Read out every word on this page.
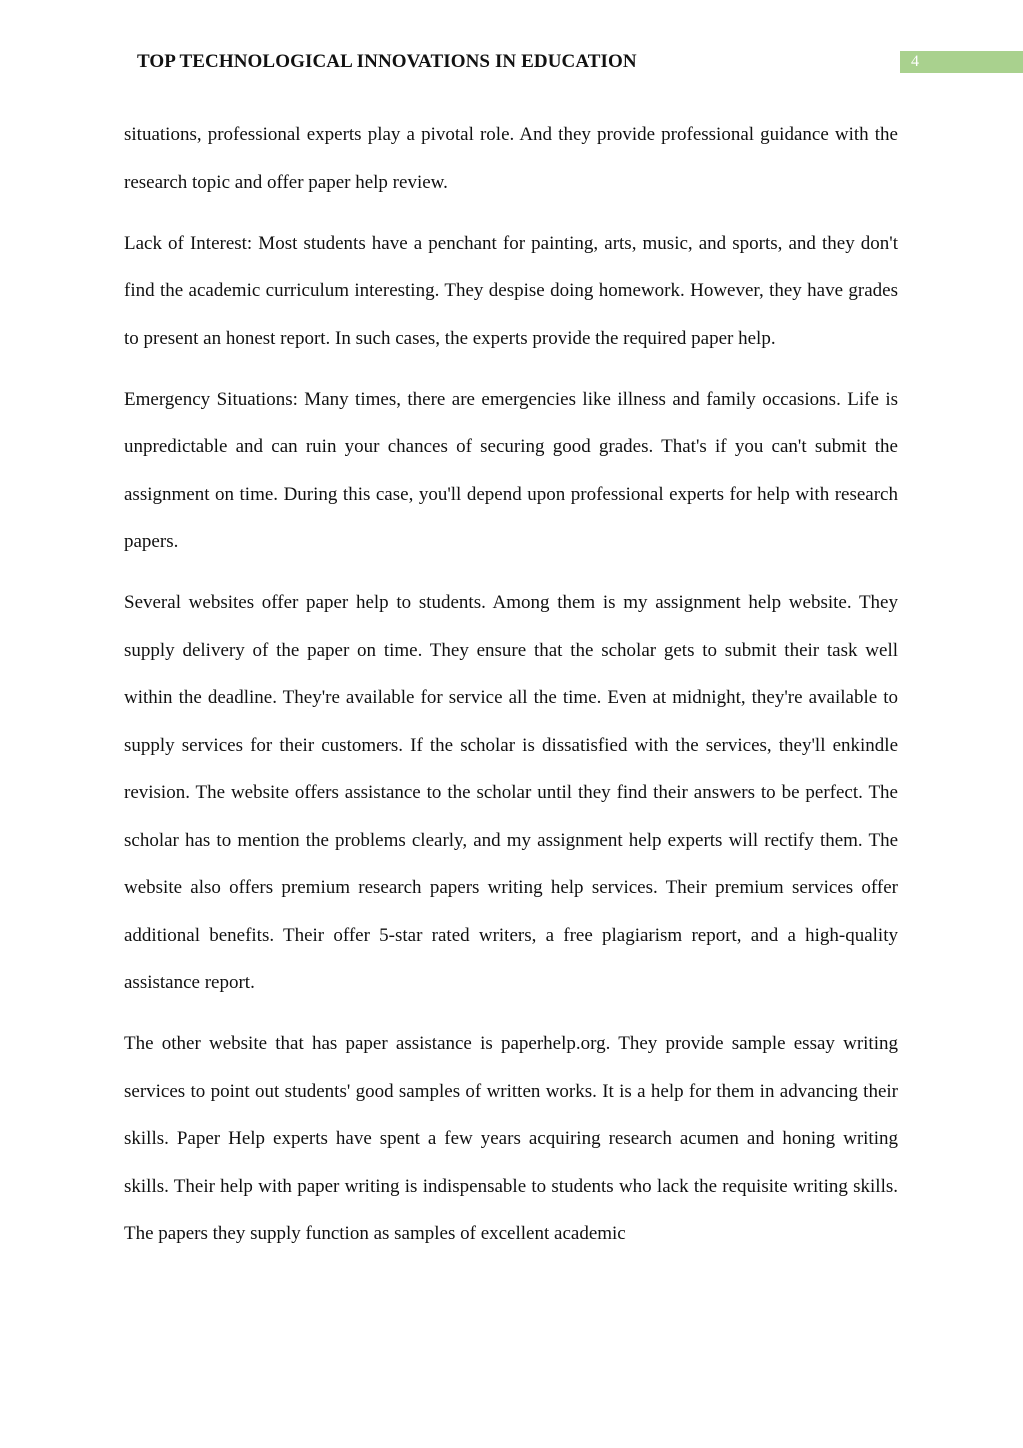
TOP TECHNOLOGICAL INNOVATIONS IN EDUCATION	4

situations, professional experts play a pivotal role. And they provide professional guidance with the research topic and offer paper help review.

Lack of Interest: Most students have a penchant for painting, arts, music, and sports, and they don't find the academic curriculum interesting. They despise doing homework. However, they have grades to present an honest report. In such cases, the experts provide the required paper help.

Emergency Situations: Many times, there are emergencies like illness and family occasions. Life is unpredictable and can ruin your chances of securing good grades. That's if you can't submit the assignment on time. During this case, you'll depend upon professional experts for help with research papers.

Several websites offer paper help to students. Among them is my assignment help website. They supply delivery of the paper on time. They ensure that the scholar gets to submit their task well within the deadline. They're available for service all the time. Even at midnight, they're available to supply services for their customers. If the scholar is dissatisfied with the services, they'll enkindle revision. The website offers assistance to the scholar until they find their answers to be perfect. The scholar has to mention the problems clearly, and my assignment help experts will rectify them. The website also offers premium research papers writing help services. Their premium services offer additional benefits. Their offer 5-star rated writers, a free plagiarism report, and a high-quality assistance report.

The other website that has paper assistance is paperhelp.org. They provide sample essay writing services to point out students' good samples of written works. It is a help for them in advancing their skills. Paper Help experts have spent a few years acquiring research acumen and honing writing skills. Their help with paper writing is indispensable to students who lack the requisite writing skills. The papers they supply function as samples of excellent academic
